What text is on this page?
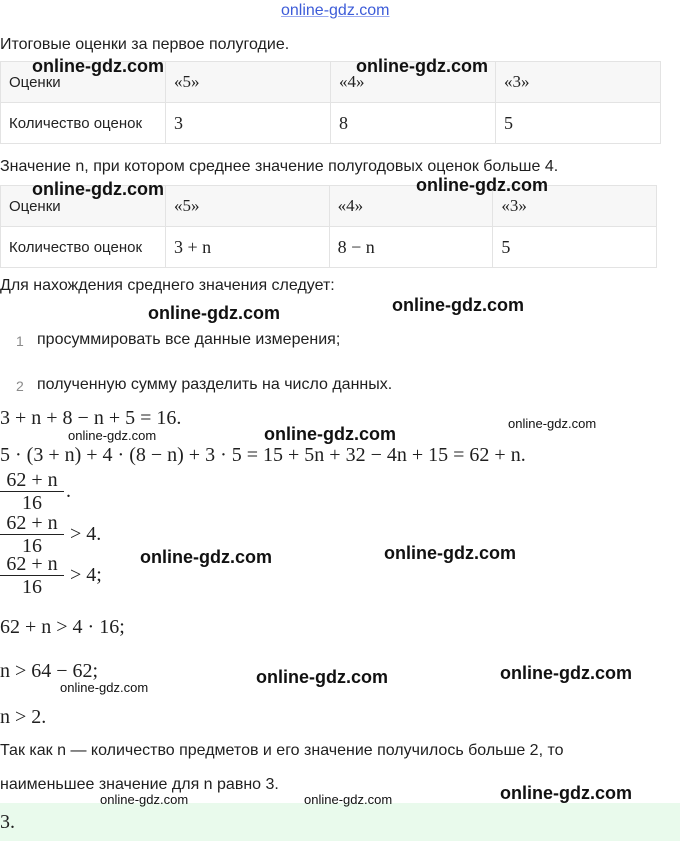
online-gdz.com
Итоговые оценки за первое полугодие.
Оценки	«5»	«4»	«3»
Количество оценок	3	8	5
Значение n, при котором среднее значение полугодовых оценок больше 4.
Оценки	«5»	«4»	«3»
Количество оценок	3 + n	8 − n	5
Для нахождения среднего значения следует:
1 просуммировать все данные измерения;
2 полученную сумму разделить на число данных.
3 + n + 8 − n + 5 = 16.
5 · (3 + n) + 4 · (8 − n) + 3 · 5 = 15 + 5n + 32 − 4n + 15 = 62 + n.
62 + n
16
.
62 + n
16
> 4.
62 + n
16
> 4;
62 + n > 4 · 16;
n > 64 − 62;
n > 2.
Так как n — количество предметов и его значение получилось больше 2, то
наименьшее значение для n равно 3.
3.
online-gdz.com	online-gdz.com
online-gdz.com	online-gdz.com
online-gdz.com	online-gdz.com
online-gdz.com
online-gdz.com	online-gdz.com
online-gdz.com	online-gdz.com
online-gdz.com
online-gdz.com	online-gdz.com
online-gdz.com	online-gdz.com	online-gdz.com
